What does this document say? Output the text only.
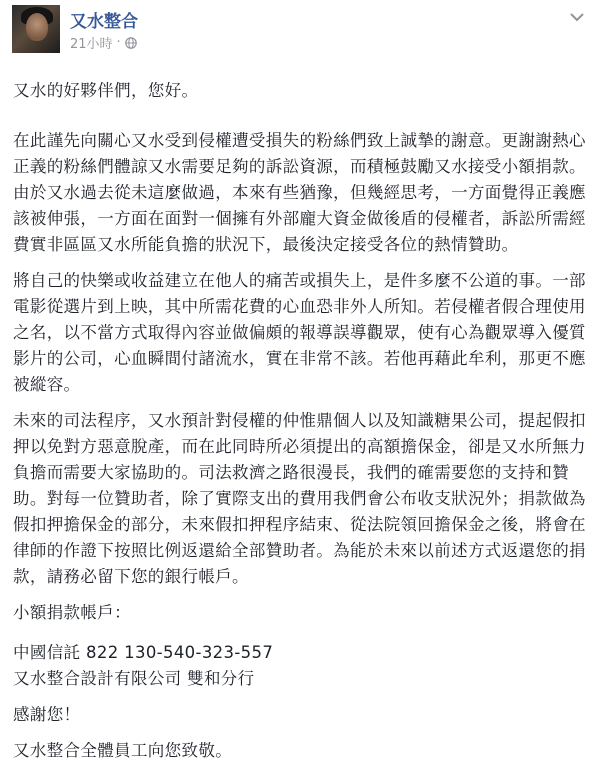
又水整合
21小時 ·

又水的好夥伴們，您好。

在此謹先向關心又水受到侵權遭受損失的粉絲們致上誠摯的謝意。更謝謝熱心正義的粉絲們體諒又水需要足夠的訴訟資源，而積極鼓勵又水接受小額捐款。由於又水過去從未這麼做過，本來有些猶豫，但幾經思考，一方面覺得正義應該被伸張，一方面在面對一個擁有外部龐大資金做後盾的侵權者，訴訟所需經費實非區區又水所能負擔的狀況下，最後決定接受各位的熱情贊助。

將自己的快樂或收益建立在他人的痛苦或損失上，是件多麼不公道的事。一部電影從選片到上映，其中所需花費的心血恐非外人所知。若侵權者假合理使用之名，以不當方式取得內容並做偏頗的報導誤導觀眾，使有心為觀眾導入優質影片的公司，心血瞬間付諸流水，實在非常不該。若他再藉此牟利，那更不應被縱容。

未來的司法程序，又水預計對侵權的仲惟鼎個人以及知識糖果公司，提起假扣押以免對方惡意脫產，而在此同時所必須提出的高額擔保金，卻是又水所無力負擔而需要大家協助的。司法救濟之路很漫長，我們的確需要您的支持和贊助。對每一位贊助者，除了實際支出的費用我們會公布收支狀況外；捐款做為假扣押擔保金的部分，未來假扣押程序結束、從法院領回擔保金之後，將會在律師的作證下按照比例返還給全部贊助者。為能於未來以前述方式返還您的捐款，請務必留下您的銀行帳戶。

小額捐款帳戶：

中國信託 822 130-540-323-557

又水整合設計有限公司 雙和分行

感謝您！

又水整合全體員工向您致敬。
